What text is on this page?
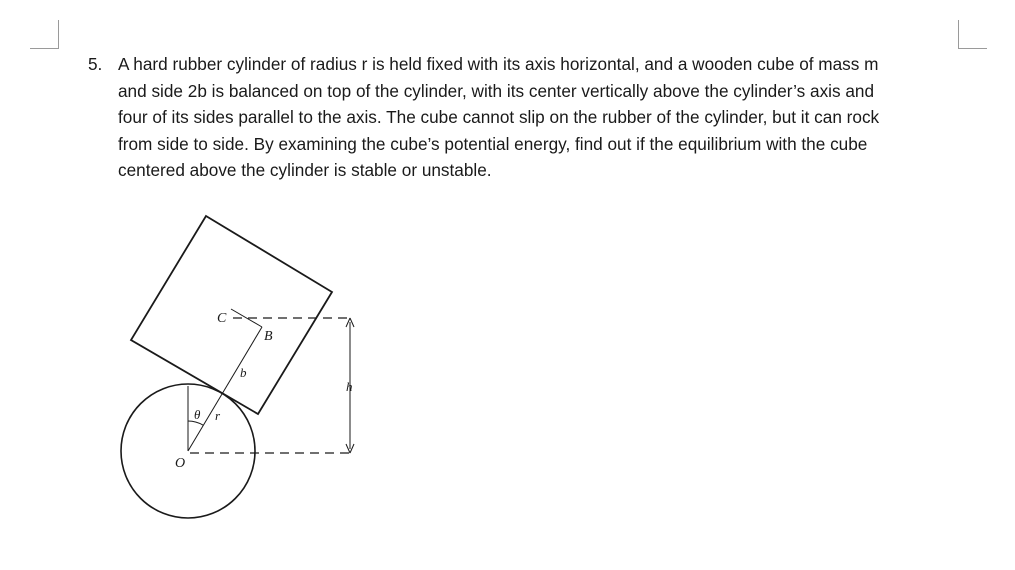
5. A hard rubber cylinder of radius r is held fixed with its axis horizontal, and a wooden cube of mass m
and side 2b is balanced on top of the cylinder, with its center vertically above the cylinder’s axis and
four of its sides parallel to the axis. The cube cannot slip on the rubber of the cylinder, but it can rock
from side to side. By examining the cube’s potential energy, find out if the equilibrium with the cube
centered above the cylinder is stable or unstable.
C
B
b
h
θ r
O
